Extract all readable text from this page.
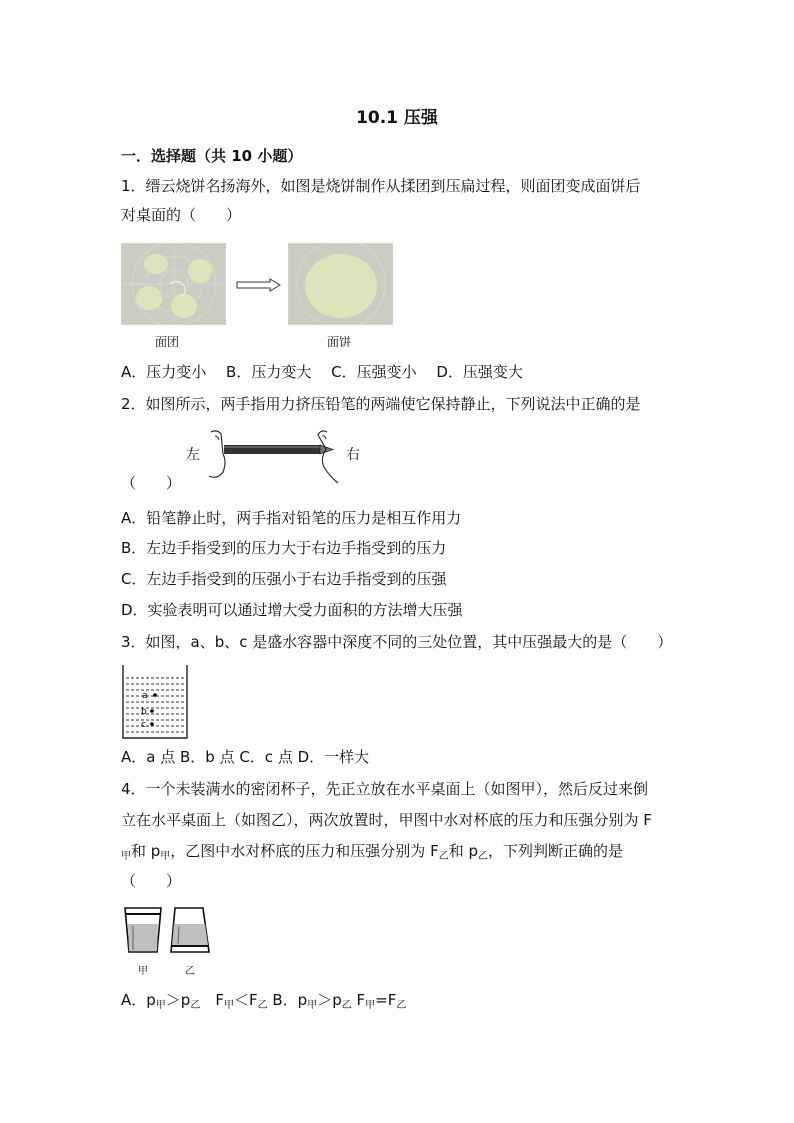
10.1 压强
一．选择题（共 10 小题）
1．缙云烧饼名扬海外，如图是烧饼制作从揉团到压扁过程，则面团变成面饼后
对桌面的（　　）
面团	面饼
A．压力变小　 B．压力变大　 C．压强变小　 D．压强变大
2．如图所示，两手指用力挤压铅笔的两端使它保持静止，下列说法中正确的是
左	右
（　　）
A．铅笔静止时，两手指对铅笔的压力是相互作用力
B．左边手指受到的压力大于右边手指受到的压力
C．左边手指受到的压强小于右边手指受到的压强
D．实验表明可以通过增大受力面积的方法增大压强
3．如图，a、b、c 是盛水容器中深度不同的三处位置，其中压强最大的是（　　）
a
b
c
A．a 点 B．b 点 C．c 点 D．一样大
4．一个未装满水的密闭杯子，先正立放在水平桌面上（如图甲），然后反过来倒
立在水平桌面上（如图乙），两次放置时，甲图中水对杯底的压力和压强分别为 F
$_甲$和 $p_甲$，乙图中水对杯底的压力和压强分别为 $F_乙$和 $p_乙$，下列判断正确的是
（　　）
甲	乙
A．$p_甲>p_乙$　$F_甲<F_乙$ B．$p_甲>p_乙$ $F_甲=F_乙$
